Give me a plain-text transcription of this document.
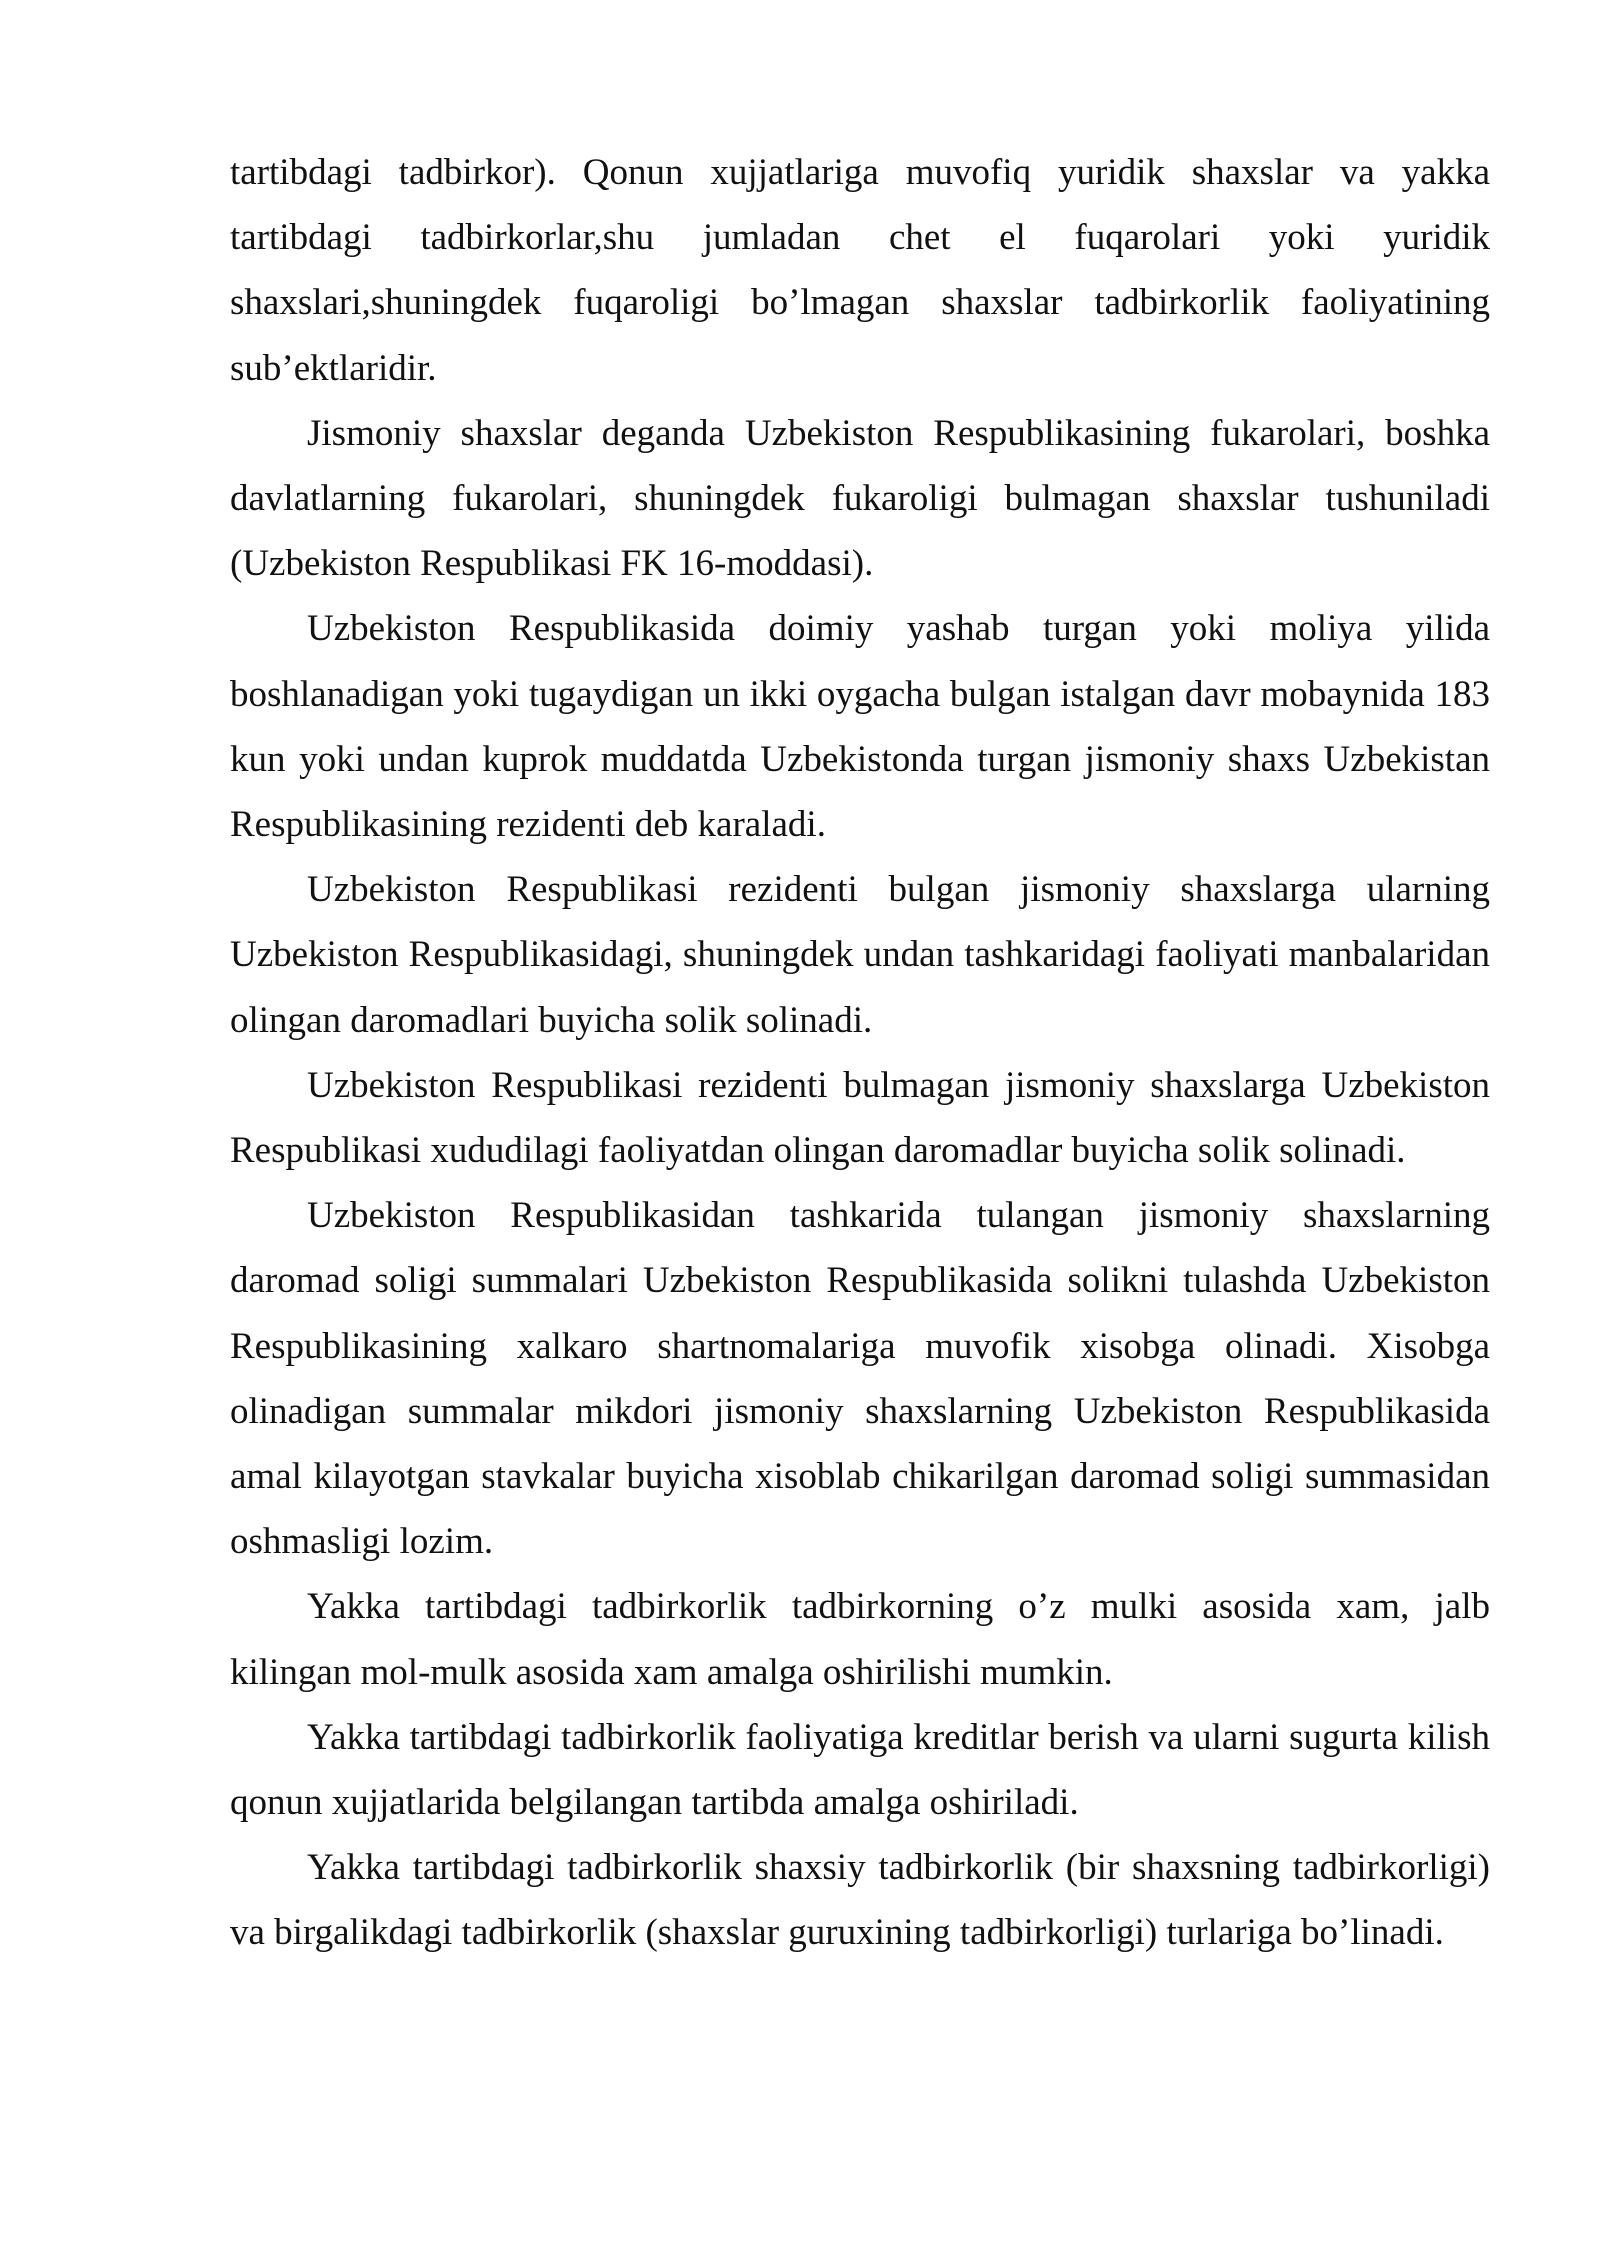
tartibdagi tadbirkor). Qonun xujjatlariga muvofiq yuridik shaxslar va yakka tartibdagi tadbirkorlar,shu jumladan chet el fuqarolari yoki yuridik shaxslari,shuningdek fuqaroligi bo’lmagan shaxslar tadbirkorlik faoliyatining sub’ektlaridir.

Jismoniy shaxslar deganda Uzbekiston Respublikasining fukarolari, boshka davlatlarning fukarolari, shuningdek fukaroligi bulmagan shaxslar tushuniladi (Uzbekiston Respublikasi FK 16-moddasi).

Uzbekiston Respublikasida doimiy yashab turgan yoki moliya yilida boshlanadigan yoki tugaydigan un ikki oygacha bulgan istalgan davr mobaynida 183 kun yoki undan kuprok muddatda Uzbekistonda turgan jismoniy shaxs Uzbekistan Respublikasining rezidenti deb karaladi.

Uzbekiston Respublikasi rezidenti bulgan jismoniy shaxslarga ularning Uzbekiston Respublikasidagi, shuningdek undan tashkaridagi faoliyati manbalaridan olingan daromadlari buyicha solik solinadi.

Uzbekiston Respublikasi rezidenti bulmagan jismoniy shaxslarga Uzbekiston Respublikasi xududilagi faoliyatdan olingan daromadlar buyicha solik solinadi.

Uzbekiston Respublikasidan tashkarida tulangan jismoniy shaxslarning daromad soligi summalari Uzbekiston Respublikasida solikni tulashda Uzbekiston Respublikasining xalkaro shartnomalariga muvofik xisobga olinadi. Xisobga olinadigan summalar mikdori jismoniy shaxslarning Uzbekiston Respublikasida amal kilayotgan stavkalar buyicha xisoblab chikarilgan daromad soligi summasidan oshmasligi lozim.

Yakka tartibdagi tadbirkorlik tadbirkorning o’z mulki asosida xam, jalb kilingan mol-mulk asosida xam amalga oshirilishi mumkin.

Yakka tartibdagi tadbirkorlik faoliyatiga kreditlar berish va ularni sugurta kilish qonun xujjatlarida belgilangan tartibda amalga oshiriladi.

Yakka tartibdagi tadbirkorlik shaxsiy tadbirkorlik (bir shaxsning tadbirkorligi) va birgalikdagi tadbirkorlik (shaxslar guruxining tadbirkorligi) turlariga bo’linadi.
